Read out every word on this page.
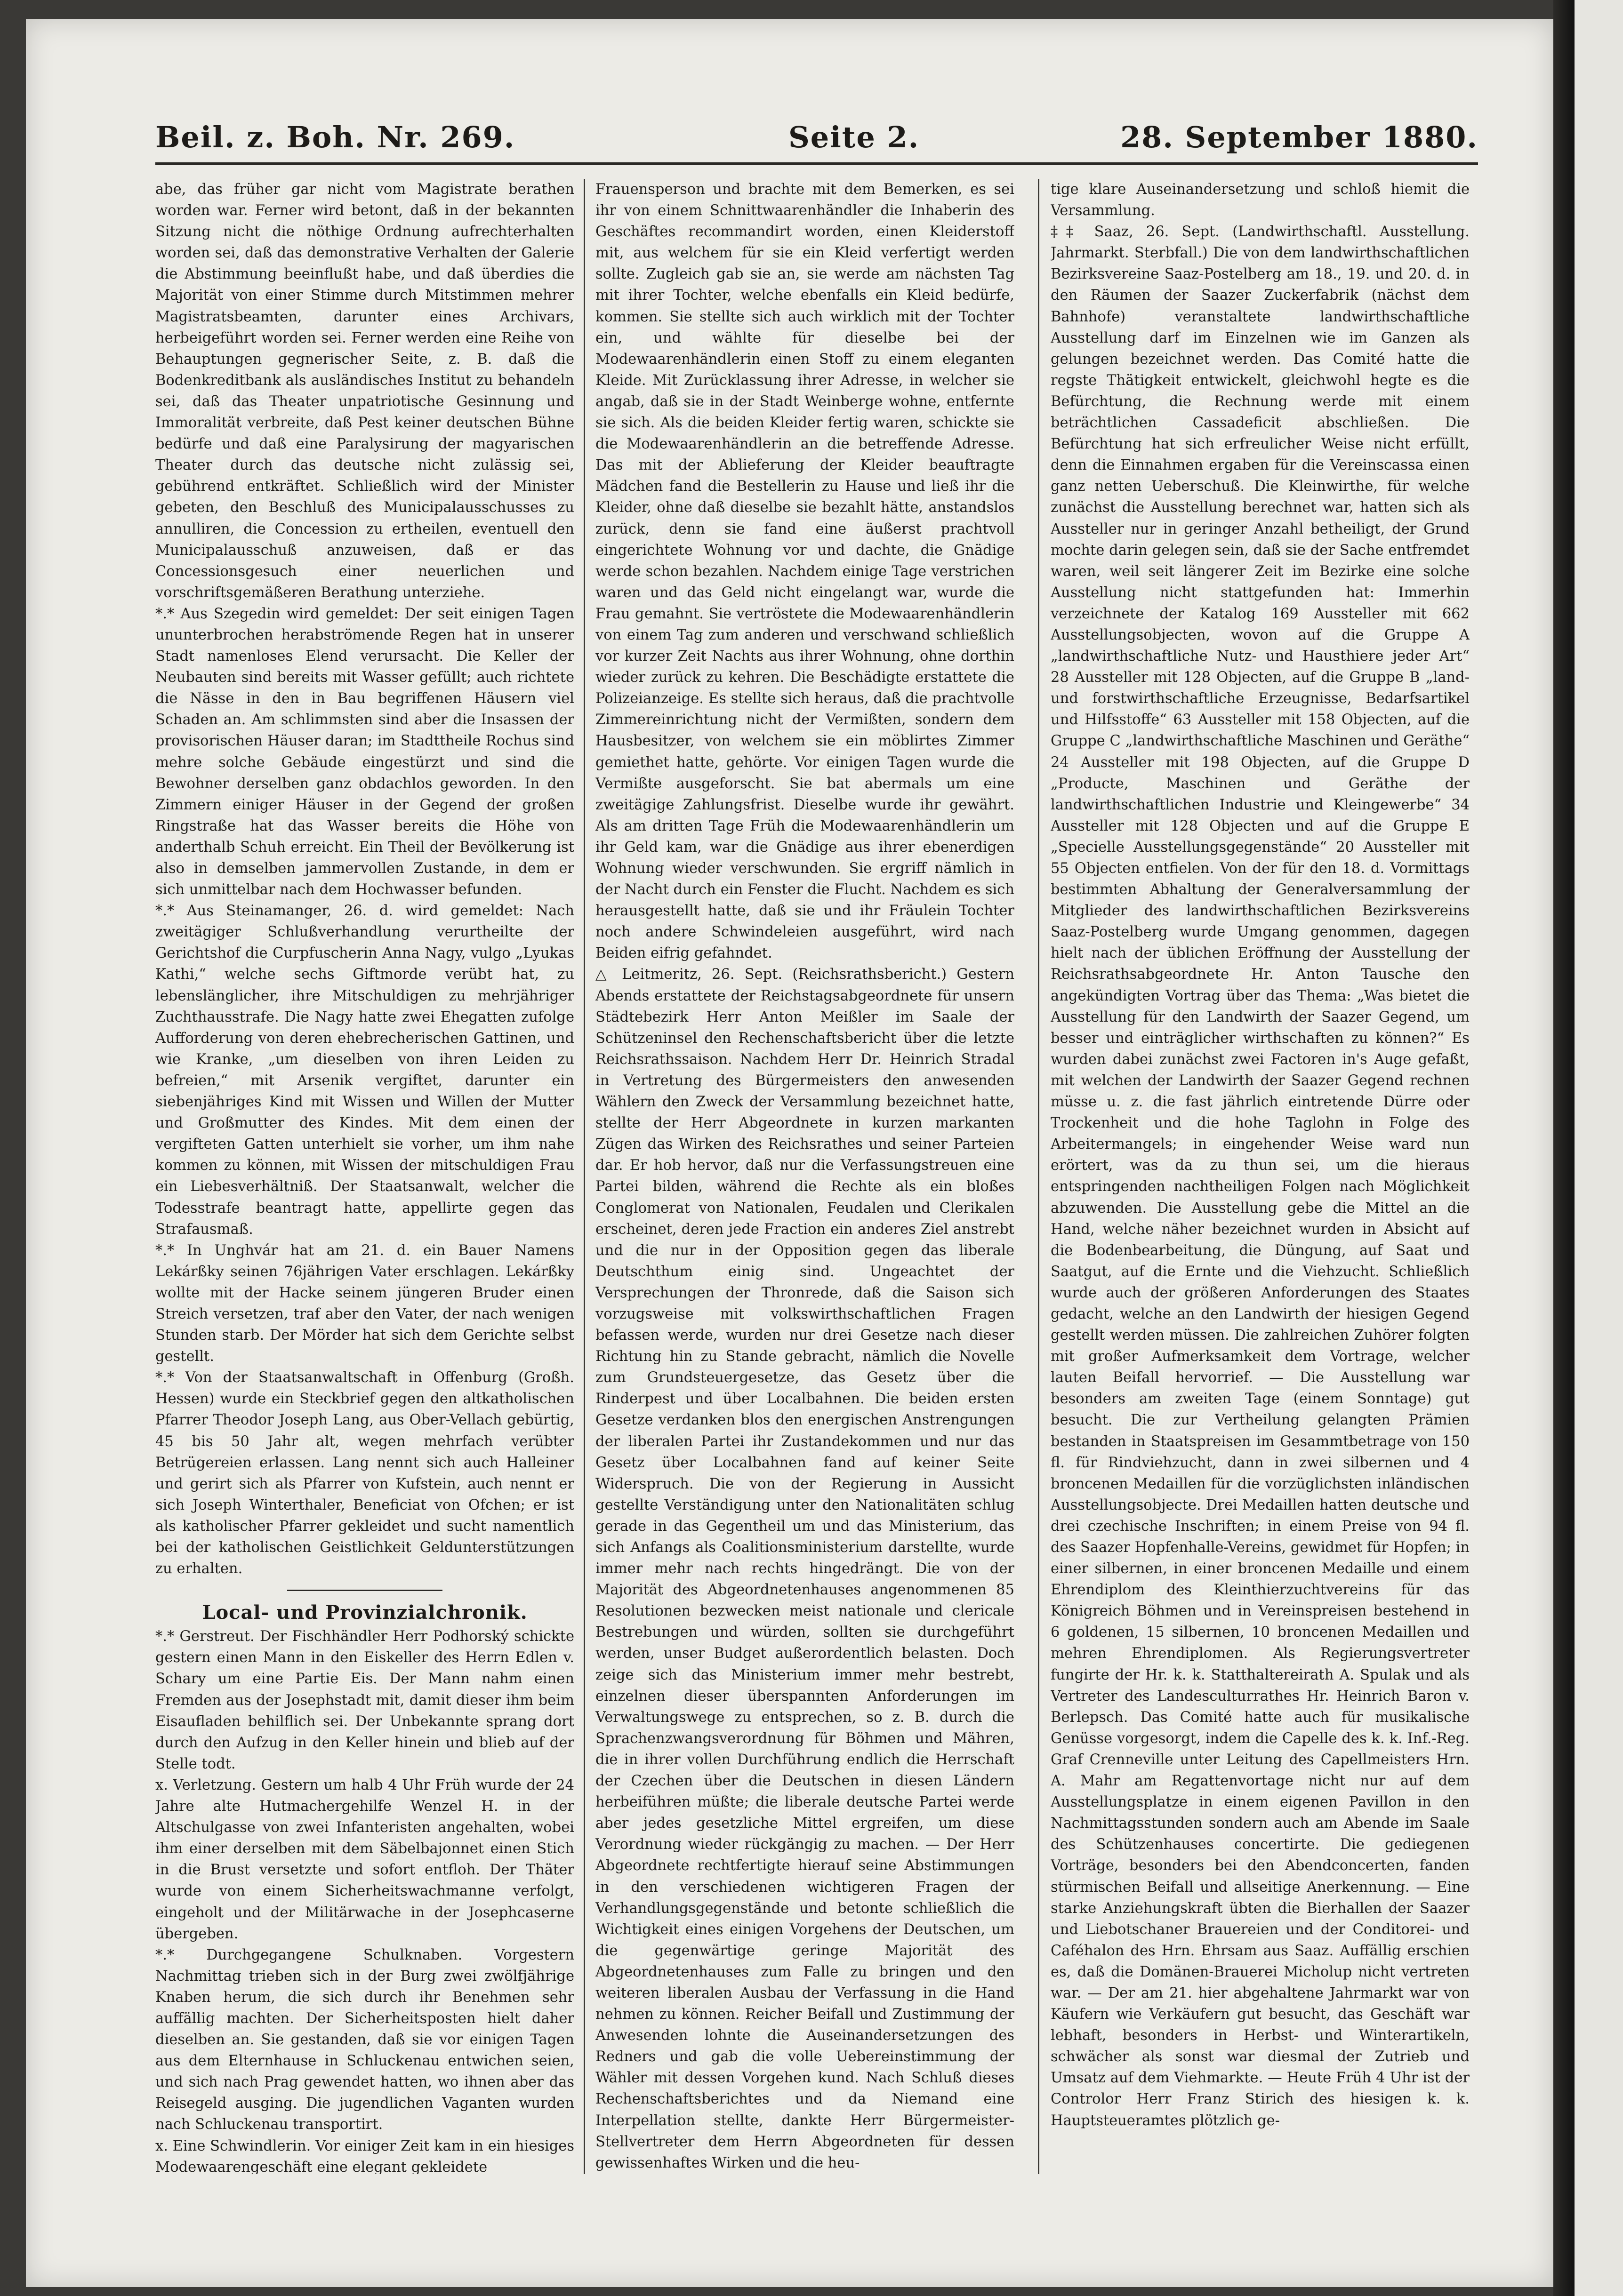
Beil. z. Boh. Nr. 269.	Seite 2.	28. September 1880.

abe, das früher gar nicht vom Magistrate berathen worden war. Ferner wird betont, daß in der bekannten Sitzung nicht die nöthige Ordnung aufrechterhalten worden sei, daß das demonstrative Verhalten der Galerie die Abstimmung beeinflußt habe, und daß überdies die Majorität von einer Stimme durch Mitstimmen mehrer Magistratsbeamten, darunter eines Archivars, herbeigeführt worden sei. Ferner werden eine Reihe von Behauptungen gegnerischer Seite, z. B. daß die Bodenkreditbank als ausländisches Institut zu behandeln sei, daß das Theater unpatriotische Gesinnung und Immoralität verbreite, daß Pest keiner deutschen Bühne bedürfe und daß eine Paralysirung der magyarischen Theater durch das deutsche nicht zulässig sei, gebührend entkräftet. Schließlich wird der Minister gebeten, den Beschluß des Municipalausschusses zu annulliren, die Concession zu ertheilen, eventuell den Municipalausschuß anzuweisen, daß er das Concessionsgesuch einer neuerlichen und vorschriftsgemäßeren Berathung unterziehe.

*.* Aus Szegedin wird gemeldet: Der seit einigen Tagen ununterbrochen herabströmende Regen hat in unserer Stadt namenloses Elend verursacht. Die Keller der Neubauten sind bereits mit Wasser gefüllt; auch richtete die Nässe in den in Bau begriffenen Häusern viel Schaden an. Am schlimmsten sind aber die Insassen der provisorischen Häuser daran; im Stadttheile Rochus sind mehre solche Gebäude eingestürzt und sind die Bewohner derselben ganz obdachlos geworden. In den Zimmern einiger Häuser in der Gegend der großen Ringstraße hat das Wasser bereits die Höhe von anderthalb Schuh erreicht. Ein Theil der Bevölkerung ist also in demselben jammervollen Zustande, in dem er sich unmittelbar nach dem Hochwasser befunden.

*.* Aus Steinamanger, 26. d. wird gemeldet: Nach zweitägiger Schlußverhandlung verurtheilte der Gerichtshof die Curpfuscherin Anna Nagy, vulgo „Lyukas Kathi,“ welche sechs Giftmorde verübt hat, zu lebenslänglicher, ihre Mitschuldigen zu mehrjähriger Zuchthausstrafe. Die Nagy hatte zwei Ehegatten zufolge Aufforderung von deren ehebrecherischen Gattinen, und wie Kranke, „um dieselben von ihren Leiden zu befreien,“ mit Arsenik vergiftet, darunter ein siebenjähriges Kind mit Wissen und Willen der Mutter und Großmutter des Kindes. Mit dem einen der vergifteten Gatten unterhielt sie vorher, um ihm nahe kommen zu können, mit Wissen der mitschuldigen Frau ein Liebesverhältniß. Der Staatsanwalt, welcher die Todesstrafe beantragt hatte, appellirte gegen das Strafausmaß.

*.* In Unghvár hat am 21. d. ein Bauer Namens Lekárßky seinen 76jährigen Vater erschlagen. Lekárßky wollte mit der Hacke seinem jüngeren Bruder einen Streich versetzen, traf aber den Vater, der nach wenigen Stunden starb. Der Mörder hat sich dem Gerichte selbst gestellt.

*.* Von der Staatsanwaltschaft in Offenburg (Großh. Hessen) wurde ein Steckbrief gegen den altkatholischen Pfarrer Theodor Joseph Lang, aus Ober-Vellach gebürtig, 45 bis 50 Jahr alt, wegen mehrfach verübter Betrügereien erlassen. Lang nennt sich auch Halleiner und gerirt sich als Pfarrer von Kufstein, auch nennt er sich Joseph Winterthaler, Beneficiat von Ofchen; er ist als katholischer Pfarrer gekleidet und sucht namentlich bei der katholischen Geistlichkeit Geldunterstützungen zu erhalten.

Local- und Provinzialchronik.

*.* Gerstreut. Der Fischhändler Herr Podhorský schickte gestern einen Mann in den Eiskeller des Herrn Edlen v. Schary um eine Partie Eis. Der Mann nahm einen Fremden aus der Josephstadt mit, damit dieser ihm beim Eisaufladen behilflich sei. Der Unbekannte sprang dort durch den Aufzug in den Keller hinein und blieb auf der Stelle todt.

x. Verletzung. Gestern um halb 4 Uhr Früh wurde der 24 Jahre alte Hutmachergehilfe Wenzel H. in der Altschulgasse von zwei Infanteristen angehalten, wobei ihm einer derselben mit dem Säbelbajonnet einen Stich in die Brust versetzte und sofort entfloh. Der Thäter wurde von einem Sicherheitswachmanne verfolgt, eingeholt und der Militärwache in der Josephcaserne übergeben.

*.* Durchgegangene Schulknaben. Vorgestern Nachmittag trieben sich in der Burg zwei zwölfjährige Knaben herum, die sich durch ihr Benehmen sehr auffällig machten. Der Sicherheitsposten hielt daher dieselben an. Sie gestanden, daß sie vor einigen Tagen aus dem Elternhause in Schluckenau entwichen seien, und sich nach Prag gewendet hatten, wo ihnen aber das Reisegeld ausging. Die jugendlichen Vaganten wurden nach Schluckenau transportirt.

x. Eine Schwindlerin. Vor einiger Zeit kam in ein hiesiges Modewaarengeschäft eine elegant gekleidete

Frauensperson und brachte mit dem Bemerken, es sei ihr von einem Schnittwaarenhändler die Inhaberin des Geschäftes recommandirt worden, einen Kleiderstoff mit, aus welchem für sie ein Kleid verfertigt werden sollte. Zugleich gab sie an, sie werde am nächsten Tag mit ihrer Tochter, welche ebenfalls ein Kleid bedürfe, kommen. Sie stellte sich auch wirklich mit der Tochter ein, und wählte für dieselbe bei der Modewaarenhändlerin einen Stoff zu einem eleganten Kleide. Mit Zurücklassung ihrer Adresse, in welcher sie angab, daß sie in der Stadt Weinberge wohne, entfernte sie sich. Als die beiden Kleider fertig waren, schickte sie die Modewaarenhändlerin an die betreffende Adresse. Das mit der Ablieferung der Kleider beauftragte Mädchen fand die Bestellerin zu Hause und ließ ihr die Kleider, ohne daß dieselbe sie bezahlt hätte, anstandslos zurück, denn sie fand eine äußerst prachtvoll eingerichtete Wohnung vor und dachte, die Gnädige werde schon bezahlen. Nachdem einige Tage verstrichen waren und das Geld nicht eingelangt war, wurde die Frau gemahnt. Sie vertröstete die Modewaarenhändlerin von einem Tag zum anderen und verschwand schließlich vor kurzer Zeit Nachts aus ihrer Wohnung, ohne dorthin wieder zurück zu kehren. Die Beschädigte erstattete die Polizeianzeige. Es stellte sich heraus, daß die prachtvolle Zimmereinrichtung nicht der Vermißten, sondern dem Hausbesitzer, von welchem sie ein möblirtes Zimmer gemiethet hatte, gehörte. Vor einigen Tagen wurde die Vermißte ausgeforscht. Sie bat abermals um eine zweitägige Zahlungsfrist. Dieselbe wurde ihr gewährt. Als am dritten Tage Früh die Modewaarenhändlerin um ihr Geld kam, war die Gnädige aus ihrer ebenerdigen Wohnung wieder verschwunden. Sie ergriff nämlich in der Nacht durch ein Fenster die Flucht. Nachdem es sich herausgestellt hatte, daß sie und ihr Fräulein Tochter noch andere Schwindeleien ausgeführt, wird nach Beiden eifrig gefahndet.

△ Leitmeritz, 26. Sept. (Reichsrathsbericht.) Gestern Abends erstattete der Reichstagsabgeordnete für unsern Städtebezirk Herr Anton Meißler im Saale der Schützeninsel den Rechenschaftsbericht über die letzte Reichsrathssaison. Nachdem Herr Dr. Heinrich Stradal in Vertretung des Bürgermeisters den anwesenden Wählern den Zweck der Versammlung bezeichnet hatte, stellte der Herr Abgeordnete in kurzen markanten Zügen das Wirken des Reichsrathes und seiner Parteien dar. Er hob hervor, daß nur die Verfassungstreuen eine Partei bilden, während die Rechte als ein bloßes Conglomerat von Nationalen, Feudalen und Clerikalen erscheinet, deren jede Fraction ein anderes Ziel anstrebt und die nur in der Opposition gegen das liberale Deutschthum einig sind. Ungeachtet der Versprechungen der Thronrede, daß die Saison sich vorzugsweise mit volkswirthschaftlichen Fragen befassen werde, wurden nur drei Gesetze nach dieser Richtung hin zu Stande gebracht, nämlich die Novelle zum Grundsteuergesetze, das Gesetz über die Rinderpest und über Localbahnen. Die beiden ersten Gesetze verdanken blos den energischen Anstrengungen der liberalen Partei ihr Zustandekommen und nur das Gesetz über Localbahnen fand auf keiner Seite Widerspruch. Die von der Regierung in Aussicht gestellte Verständigung unter den Nationalitäten schlug gerade in das Gegentheil um und das Ministerium, das sich Anfangs als Coalitionsministerium darstellte, wurde immer mehr nach rechts hingedrängt. Die von der Majorität des Abgeordnetenhauses angenommenen 85 Resolutionen bezwecken meist nationale und clericale Bestrebungen und würden, sollten sie durchgeführt werden, unser Budget außerordentlich belasten. Doch zeige sich das Ministerium immer mehr bestrebt, einzelnen dieser überspannten Anforderungen im Verwaltungswege zu entsprechen, so z. B. durch die Sprachenzwangsverordnung für Böhmen und Mähren, die in ihrer vollen Durchführung endlich die Herrschaft der Czechen über die Deutschen in diesen Ländern herbeiführen müßte; die liberale deutsche Partei werde aber jedes gesetzliche Mittel ergreifen, um diese Verordnung wieder rückgängig zu machen. — Der Herr Abgeordnete rechtfertigte hierauf seine Abstimmungen in den verschiedenen wichtigeren Fragen der Verhandlungsgegenstände und betonte schließlich die Wichtigkeit eines einigen Vorgehens der Deutschen, um die gegenwärtige geringe Majorität des Abgeordnetenhauses zum Falle zu bringen und den weiteren liberalen Ausbau der Verfassung in die Hand nehmen zu können. Reicher Beifall und Zustimmung der Anwesenden lohnte die Auseinandersetzungen des Redners und gab die volle Uebereinstimmung der Wähler mit dessen Vorgehen kund. Nach Schluß dieses Rechenschaftsberichtes und da Niemand eine Interpellation stellte, dankte Herr Bürgermeister-Stellvertreter dem Herrn Abgeordneten für dessen gewissenhaftes Wirken und die heu-

tige klare Auseinandersetzung und schloß hiemit die Versammlung.

‡‡ Saaz, 26. Sept. (Landwirthschaftl. Ausstellung. Jahrmarkt. Sterbfall.) Die von dem landwirthschaftlichen Bezirksvereine Saaz-Postelberg am 18., 19. und 20. d. in den Räumen der Saazer Zuckerfabrik (nächst dem Bahnhofe) veranstaltete landwirthschaftliche Ausstellung darf im Einzelnen wie im Ganzen als gelungen bezeichnet werden. Das Comité hatte die regste Thätigkeit entwickelt, gleichwohl hegte es die Befürchtung, die Rechnung werde mit einem beträchtlichen Cassadeficit abschließen. Die Befürchtung hat sich erfreulicher Weise nicht erfüllt, denn die Einnahmen ergaben für die Vereinscassa einen ganz netten Ueberschuß. Die Kleinwirthe, für welche zunächst die Ausstellung berechnet war, hatten sich als Aussteller nur in geringer Anzahl betheiligt, der Grund mochte darin gelegen sein, daß sie der Sache entfremdet waren, weil seit längerer Zeit im Bezirke eine solche Ausstellung nicht stattgefunden hat: Immerhin verzeichnete der Katalog 169 Aussteller mit 662 Ausstellungsobjecten, wovon auf die Gruppe A „landwirthschaftliche Nutz- und Hausthiere jeder Art“ 28 Aussteller mit 128 Objecten, auf die Gruppe B „land- und forstwirthschaftliche Erzeugnisse, Bedarfsartikel und Hilfsstoffe“ 63 Aussteller mit 158 Objecten, auf die Gruppe C „landwirthschaftliche Maschinen und Geräthe“ 24 Aussteller mit 198 Objecten, auf die Gruppe D „Producte, Maschinen und Geräthe der landwirthschaftlichen Industrie und Kleingewerbe“ 34 Aussteller mit 128 Objecten und auf die Gruppe E „Specielle Ausstellungsgegenstände“ 20 Aussteller mit 55 Objecten entfielen. Von der für den 18. d. Vormittags bestimmten Abhaltung der Generalversammlung der Mitglieder des landwirthschaftlichen Bezirksvereins Saaz-Postelberg wurde Umgang genommen, dagegen hielt nach der üblichen Eröffnung der Ausstellung der Reichsrathsabgeordnete Hr. Anton Tausche den angekündigten Vortrag über das Thema: „Was bietet die Ausstellung für den Landwirth der Saazer Gegend, um besser und einträglicher wirthschaften zu können?“ Es wurden dabei zunächst zwei Factoren in's Auge gefaßt, mit welchen der Landwirth der Saazer Gegend rechnen müsse u. z. die fast jährlich eintretende Dürre oder Trockenheit und die hohe Taglohn in Folge des Arbeitermangels; in eingehender Weise ward nun erörtert, was da zu thun sei, um die hieraus entspringenden nachtheiligen Folgen nach Möglichkeit abzuwenden. Die Ausstellung gebe die Mittel an die Hand, welche näher bezeichnet wurden in Absicht auf die Bodenbearbeitung, die Düngung, auf Saat und Saatgut, auf die Ernte und die Viehzucht. Schließlich wurde auch der größeren Anforderungen des Staates gedacht, welche an den Landwirth der hiesigen Gegend gestellt werden müssen. Die zahlreichen Zuhörer folgten mit großer Aufmerksamkeit dem Vortrage, welcher lauten Beifall hervorrief. — Die Ausstellung war besonders am zweiten Tage (einem Sonntage) gut besucht. Die zur Vertheilung gelangten Prämien bestanden in Staatspreisen im Gesammtbetrage von 150 fl. für Rindviehzucht, dann in zwei silbernen und 4 broncenen Medaillen für die vorzüglichsten inländischen Ausstellungsobjecte. Drei Medaillen hatten deutsche und drei czechische Inschriften; in einem Preise von 94 fl. des Saazer Hopfenhalle-Vereins, gewidmet für Hopfen; in einer silbernen, in einer broncenen Medaille und einem Ehrendiplom des Kleinthierzuchtvereins für das Königreich Böhmen und in Vereinspreisen bestehend in 6 goldenen, 15 silbernen, 10 broncenen Medaillen und mehren Ehrendiplomen. Als Regierungsvertreter fungirte der Hr. k. k. Statthaltereirath A. Spulak und als Vertreter des Landesculturrathes Hr. Heinrich Baron v. Berlepsch. Das Comité hatte auch für musikalische Genüsse vorgesorgt, indem die Capelle des k. k. Inf.-Reg. Graf Crenneville unter Leitung des Capellmeisters Hrn. A. Mahr am Regattenvortage nicht nur auf dem Ausstellungsplatze in einem eigenen Pavillon in den Nachmittagsstunden sondern auch am Abende im Saale des Schützenhauses concertirte. Die gediegenen Vorträge, besonders bei den Abendconcerten, fanden stürmischen Beifall und allseitige Anerkennung. — Eine starke Anziehungskraft übten die Bierhallen der Saazer und Liebotschaner Brauereien und der Conditorei- und Caféhalon des Hrn. Ehrsam aus Saaz. Auffällig erschien es, daß die Domänen-Brauerei Micholup nicht vertreten war. — Der am 21. hier abgehaltene Jahrmarkt war von Käufern wie Verkäufern gut besucht, das Geschäft war lebhaft, besonders in Herbst- und Winterartikeln, schwächer als sonst war diesmal der Zutrieb und Umsatz auf dem Viehmarkte. — Heute Früh 4 Uhr ist der Controlor Herr Franz Stirich des hiesigen k. k. Hauptsteueramtes plötzlich ge-
